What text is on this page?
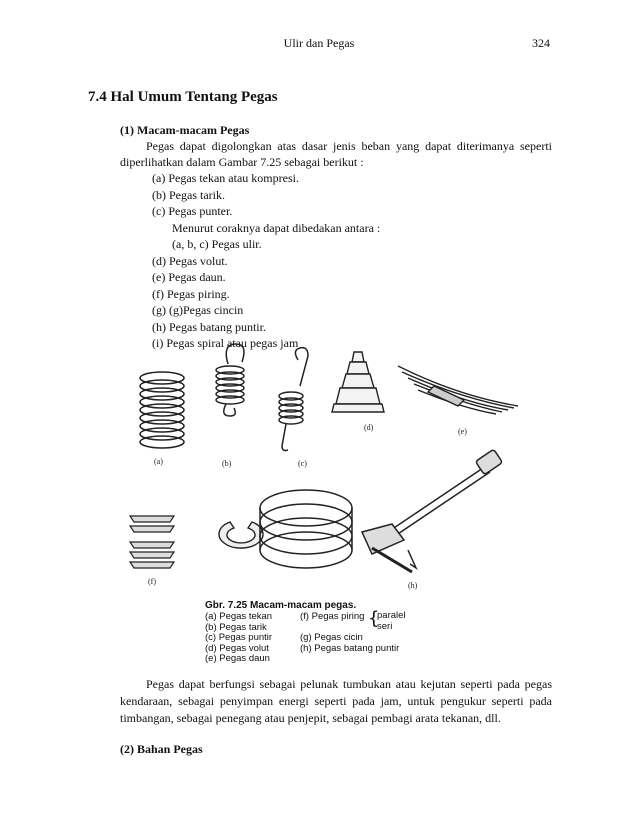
Ulir dan Pegas	324
7.4 Hal Umum Tentang Pegas
(1) Macam-macam Pegas
Pegas dapat digolongkan atas dasar jenis beban yang dapat diterimanya seperti diperlihatkan dalam Gambar 7.25 sebagai berikut :
(a) Pegas tekan atau kompresi.
(b) Pegas tarik.
(c) Pegas punter.
Menurut coraknya dapat dibedakan antara :
(a, b, c) Pegas ulir.
(d) Pegas volut.
(e) Pegas daun.
(f) Pegas piring.
(g) (g)Pegas cincin
(h) Pegas batang puntir.
(i) Pegas spiral atau pegas jam
(a)	(b)	(c)
(d)	(e)
(f)	(h)
Gbr. 7.25 Macam-macam pegas.
(a) Pegas tekan
(b) Pegas tarik
(c) Pegas puntir
(d) Pegas volut
(e) Pegas daun
(f) Pegas piring

(g) Pegas cicin
(h) Pegas batang puntir
{
paralel
seri
Pegas dapat berfungsi sebagai pelunak tumbukan atau kejutan seperti pada pegas kendaraan, sebagai penyimpan energi seperti pada jam, untuk pengukur seperti pada timbangan, sebagai penegang atau penjepit, sebagai pembagi arata tekanan, dll.
(2) Bahan Pegas
